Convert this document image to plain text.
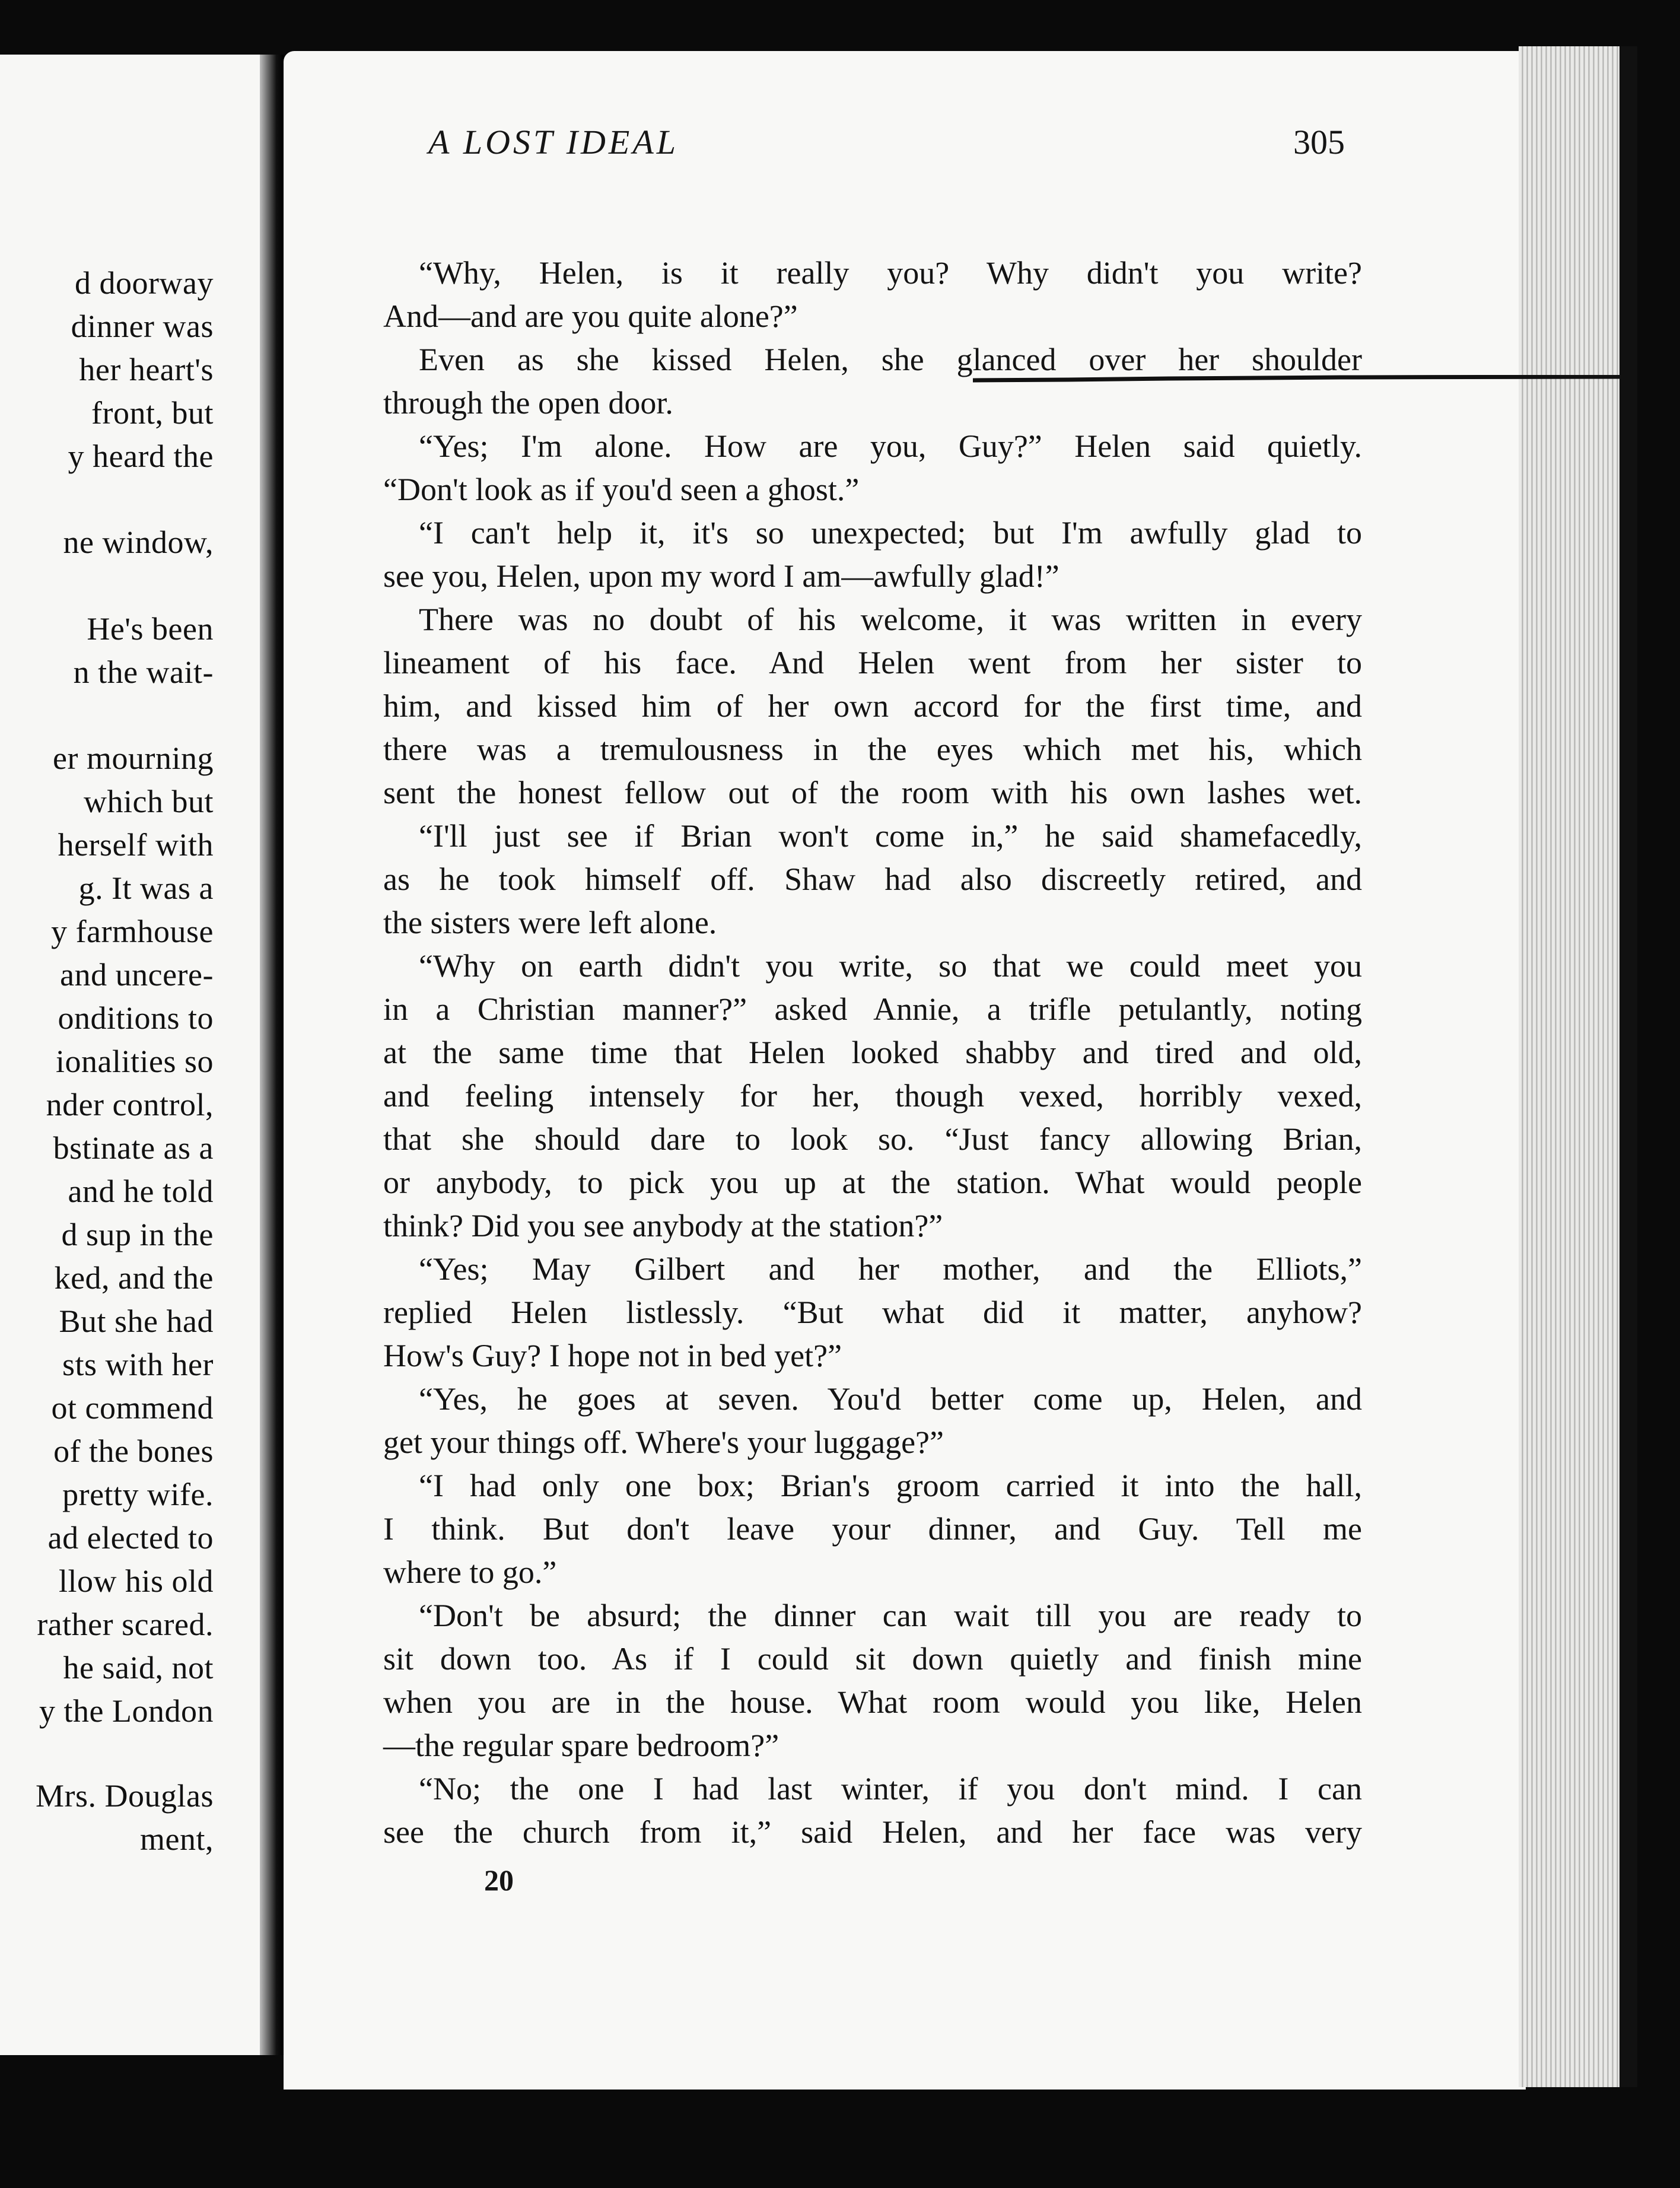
d doorway
dinner was
her heart's
front, but
y heard the
ne window,
He's been
n the wait-
er mourning
which but
herself with
g. It was a
y farmhouse
and uncere-
onditions to
ionalities so
nder control,
bstinate as a
and he told
d sup in the
ked, and the
But she had
sts with her
ot commend
of the bones
pretty wife.
ad elected to
llow his old
rather scared.
he said, not
y the London
Mrs. Douglas
ment,
A LOST IDEAL	305
“Why, Helen, is it really you? Why didn't you write?
And—and are you quite alone?”
Even as she kissed Helen, she glanced over her shoulder
through the open door.
“Yes; I'm alone. How are you, Guy?” Helen said quietly.
“Don't look as if you'd seen a ghost.”
“I can't help it, it's so unexpected; but I'm awfully glad to
see you, Helen, upon my word I am—awfully glad!”
There was no doubt of his welcome, it was written in every
lineament of his face. And Helen went from her sister to
him, and kissed him of her own accord for the first time, and
there was a tremulousness in the eyes which met his, which
sent the honest fellow out of the room with his own lashes wet.
“I'll just see if Brian won't come in,” he said shamefacedly,
as he took himself off. Shaw had also discreetly retired, and
the sisters were left alone.
“Why on earth didn't you write, so that we could meet you
in a Christian manner?” asked Annie, a trifle petulantly, noting
at the same time that Helen looked shabby and tired and old,
and feeling intensely for her, though vexed, horribly vexed,
that she should dare to look so. “Just fancy allowing Brian,
or anybody, to pick you up at the station. What would people
think? Did you see anybody at the station?”
“Yes; May Gilbert and her mother, and the Elliots,”
replied Helen listlessly. “But what did it matter, anyhow?
How's Guy? I hope not in bed yet?”
“Yes, he goes at seven. You'd better come up, Helen, and
get your things off. Where's your luggage?”
“I had only one box; Brian's groom carried it into the hall,
I think. But don't leave your dinner, and Guy. Tell me
where to go.”
“Don't be absurd; the dinner can wait till you are ready to
sit down too. As if I could sit down quietly and finish mine
when you are in the house. What room would you like, Helen
—the regular spare bedroom?”
“No; the one I had last winter, if you don't mind. I can
see the church from it,” said Helen, and her face was very
20
